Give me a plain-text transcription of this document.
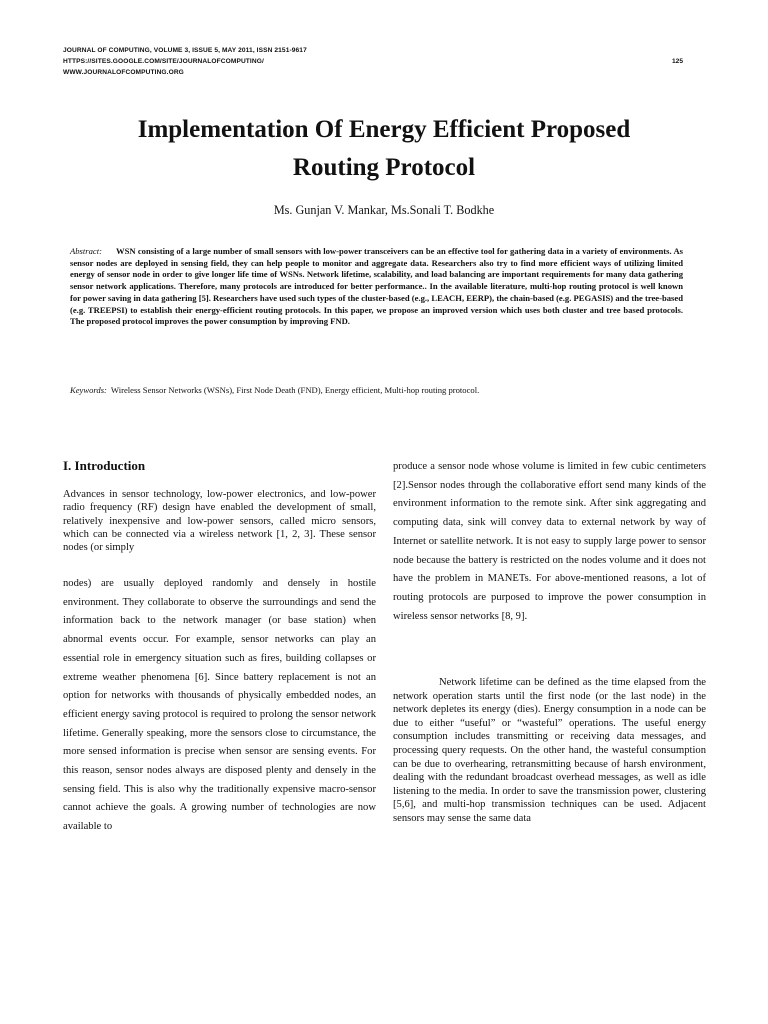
JOURNAL OF COMPUTING, VOLUME 3, ISSUE 5, MAY 2011, ISSN 2151-9617
HTTPS://SITES.GOOGLE.COM/SITE/JOURNALOFCOMPUTING/
WWW.JOURNALOFCOMPUTING.ORG
125
Implementation Of Energy Efficient Proposed
Routing Protocol
Ms. Gunjan V. Mankar, Ms.Sonali T. Bodkhe
Abstract: WSN consisting of a large number of small sensors with low-power transceivers can be an effective tool for gathering data in a variety of environments. As sensor nodes are deployed in sensing field, they can help people to monitor and aggregate data. Researchers also try to find more efficient ways of utilizing limited energy of sensor node in order to give longer life time of WSNs. Network lifetime, scalability, and load balancing are important requirements for many data gathering sensor network applications. Therefore, many protocols are introduced for better performance.. In the available literature, multi-hop routing protocol is well known for power saving in data gathering [5]. Researchers have used such types of the cluster-based (e.g., LEACH, EERP), the chain-based (e.g. PEGASIS) and the tree-based (e.g. TREEPSI) to establish their energy-efficient routing protocols. In this paper, we propose an improved version which uses both cluster and tree based protocols. The proposed protocol improves the power consumption by improving FND.
Keywords: Wireless Sensor Networks (WSNs), First Node Death (FND), Energy efficient, Multi-hop routing protocol.
I. Introduction

Advances in sensor technology, low-power electronics, and low-power radio frequency (RF) design have enabled the development of small, relatively inexpensive and low-power sensors, called micro sensors, which can be connected via a wireless network [1, 2, 3]. These sensor nodes (or simply

nodes) are usually deployed randomly and densely in hostile environment. They collaborate to observe the surroundings and send the information back to the network manager (or base station) when abnormal events occur. For example, sensor networks can play an essential role in emergency situation such as fires, building collapses or extreme weather phenomena [6]. Since battery replacement is not an option for networks with thousands of physically embedded nodes, an efficient energy saving protocol is required to prolong the sensor network lifetime. Generally speaking, more the sensors close to circumstance, the more sensed information is precise when sensor are sensing events. For this reason, sensor nodes always are disposed plenty and densely in the sensing field. This is also why the traditionally expensive macro-sensor cannot achieve the goals. A growing number of technologies are now available to

produce a sensor node whose volume is limited in few cubic centimeters [2].Sensor nodes through the collaborative effort send many kinds of the environment information to the remote sink. After sink aggregating and computing data, sink will convey data to external network by way of Internet or satellite network. It is not easy to supply large power to sensor node because the battery is restricted on the nodes volume and it does not have the problem in MANETs. For above-mentioned reasons, a lot of routing protocols are purposed to improve the power consumption in wireless sensor networks [8, 9].

Network lifetime can be defined as the time elapsed from the network operation starts until the first node (or the last node) in the network depletes its energy (dies). Energy consumption in a node can be due to either “useful” or “wasteful” operations. The useful energy consumption includes transmitting or receiving data messages, and processing query requests. On the other hand, the wasteful consumption can be due to overhearing, retransmitting because of harsh environment, dealing with the redundant broadcast overhead messages, as well as idle listening to the media. In order to save the transmission power, clustering [5,6], and multi-hop transmission techniques can be used. Adjacent sensors may sense the same data
